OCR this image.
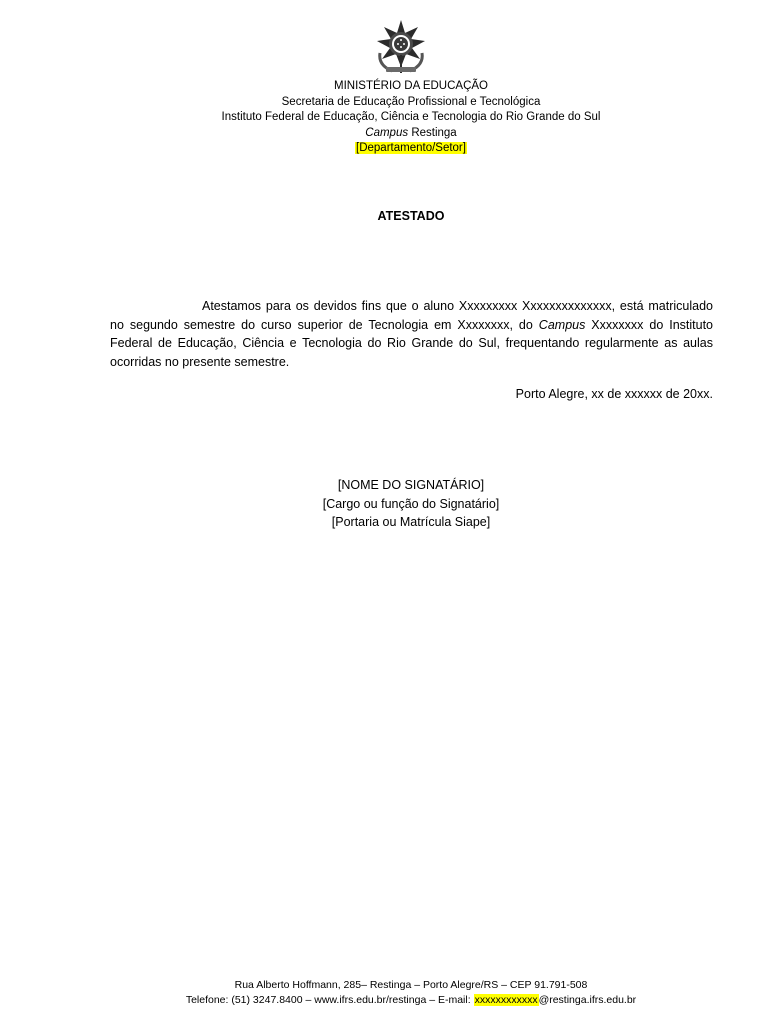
MINISTÉRIO DA EDUCAÇÃO
Secretaria de Educação Profissional e Tecnológica
Instituto Federal de Educação, Ciência e Tecnologia do Rio Grande do Sul
Campus Restinga
[Departamento/Setor]
ATESTADO

Atestamos para os devidos fins que o aluno Xxxxxxxxx Xxxxxxxxxxxxxx, está matriculado no segundo semestre do curso superior de Tecnologia em Xxxxxxxx, do Campus Xxxxxxxx do Instituto Federal de Educação, Ciência e Tecnologia do Rio Grande do Sul, frequentando regularmente as aulas ocorridas no presente semestre.

Porto Alegre, xx de xxxxxx de 20xx.
[NOME DO SIGNATÁRIO]
[Cargo ou função do Signatário]
[Portaria ou Matrícula Siape]
Rua Alberto Hoffmann, 285– Restinga – Porto Alegre/RS – CEP 91.791-508
Telefone: (51) 3247.8400 – www.ifrs.edu.br/restinga – E-mail: xxxxxxxxxxxx@restinga.ifrs.edu.br
